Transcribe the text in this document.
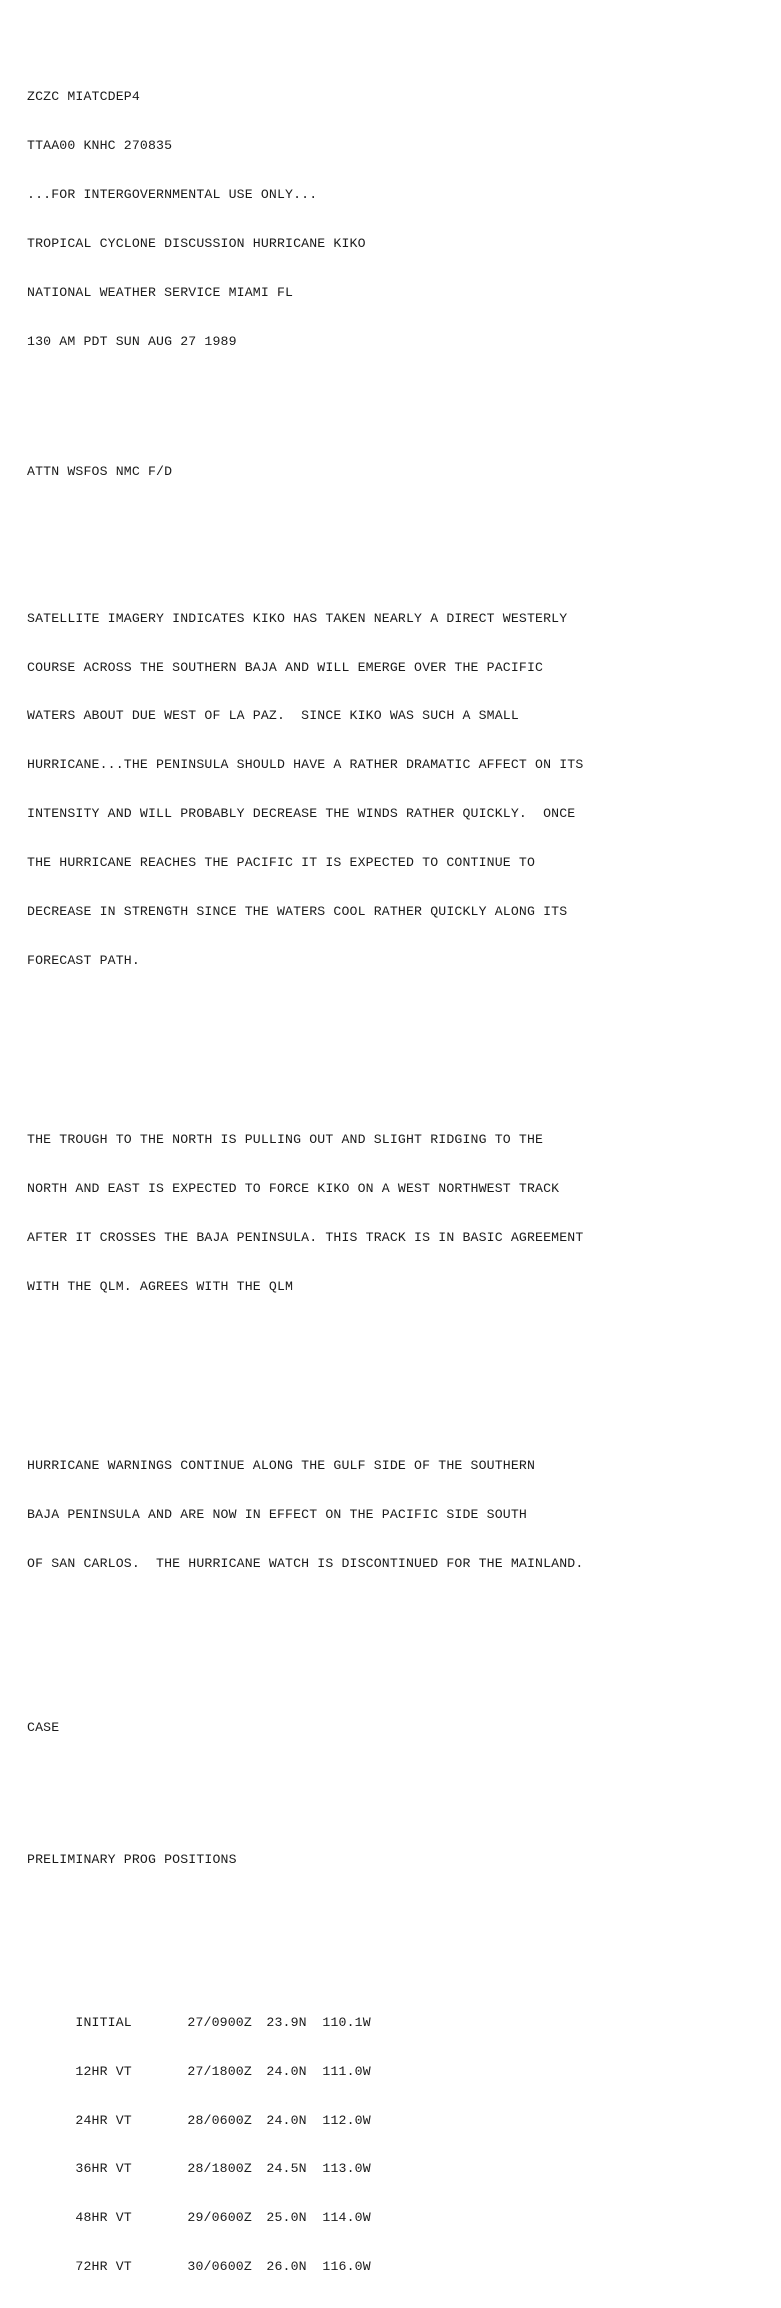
ZCZC MIATCDEP4

TTAA00 KNHC 270835

...FOR INTERGOVERNMENTAL USE ONLY...

TROPICAL CYCLONE DISCUSSION HURRICANE KIKO

NATIONAL WEATHER SERVICE MIAMI FL

130 AM PDT SUN AUG 27 1989

ATTN WSFOS NMC F/D

SATELLITE IMAGERY INDICATES KIKO HAS TAKEN NEARLY A DIRECT WESTERLY

COURSE ACROSS THE SOUTHERN BAJA AND WILL EMERGE OVER THE PACIFIC

WATERS ABOUT DUE WEST OF LA PAZ.  SINCE KIKO WAS SUCH A SMALL

HURRICANE...THE PENINSULA SHOULD HAVE A RATHER DRAMATIC AFFECT ON ITS

INTENSITY AND WILL PROBABLY DECREASE THE WINDS RATHER QUICKLY.  ONCE

THE HURRICANE REACHES THE PACIFIC IT IS EXPECTED TO CONTINUE TO

DECREASE IN STRENGTH SINCE THE WATERS COOL RATHER QUICKLY ALONG ITS

FORECAST PATH.

THE TROUGH TO THE NORTH IS PULLING OUT AND SLIGHT RIDGING TO THE

NORTH AND EAST IS EXPECTED TO FORCE KIKO ON A WEST NORTHWEST TRACK

AFTER IT CROSSES THE BAJA PENINSULA. THIS TRACK IS IN BASIC AGREEMENT

WITH THE QLM. AGREES WITH THE QLM

HURRICANE WARNINGS CONTINUE ALONG THE GULF SIDE OF THE SOUTHERN

BAJA PENINSULA AND ARE NOW IN EFFECT ON THE PACIFIC SIDE SOUTH

OF SAN CARLOS.  THE HURRICANE WATCH IS DISCONTINUED FOR THE MAINLAND.

CASE

PRELIMINARY PROG POSITIONS

INITIAL	27/0900Z 23.9N 110.1W

12HR VT	27/1800Z 24.0N 111.0W

24HR VT	28/0600Z 24.0N 112.0W

36HR VT	28/1800Z 24.5N 113.0W

48HR VT	29/0600Z 25.0N 114.0W

72HR VT	30/0600Z 26.0N 116.0W
